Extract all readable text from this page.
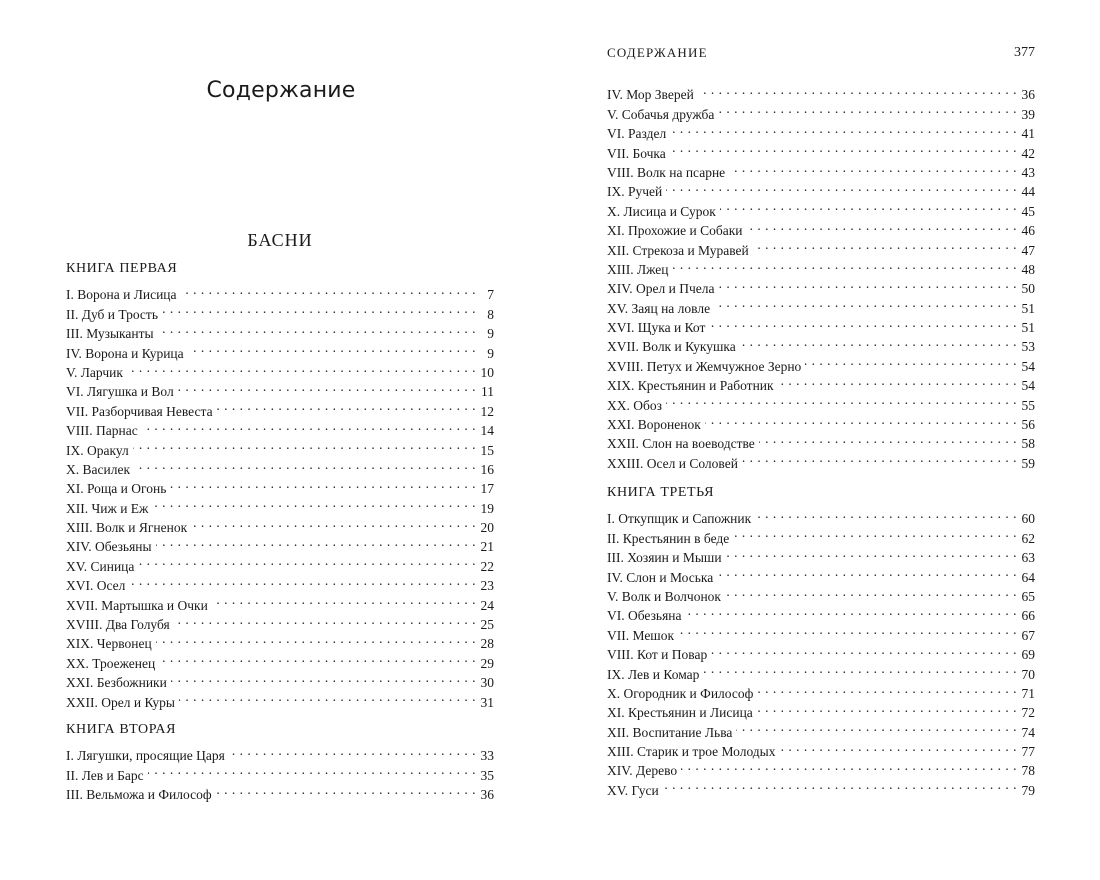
Содержание
БАСНИ
КНИГА ПЕРВАЯ
I. Ворона и Лисица . . .	7
II. Дуб и Трость . . .	8
III. Музыканты . . .	9
IV. Ворона и Курица . . .	9
V. Ларчик . . .	10
VI. Лягушка и Вол . . .	11
VII. Разборчивая Невеста . . .	12
VIII. Парнас . . .	14
IX. Оракул . . .	15
X. Василек . . .	16
XI. Роща и Огонь . . .	17
XII. Чиж и Еж . . .	19
XIII. Волк и Ягненок . . .	20
XIV. Обезьяны . . .	21
XV. Синица . . .	22
XVI. Осел . . .	23
XVII. Мартышка и Очки . . .	24
XVIII. Два Голубя . . .	25
XIX. Червонец . . .	28
XX. Троеженец . . .	29
XXI. Безбожники . . .	30
XXII. Орел и Куры . . .	31
КНИГА ВТОРАЯ
I. Лягушки, просящие Царя . . .	33
II. Лев и Барс . . .	35
III. Вельможа и Философ . . .	36
СОДЕРЖАНИЕ	377
IV. Мор Зверей . . .	36
V. Собачья дружба . . .	39
VI. Раздел . . .	41
VII. Бочка . . .	42
VIII. Волк на псарне . . .	43
IX. Ручей . . .	44
X. Лисица и Сурок . . .	45
XI. Прохожие и Собаки . . .	46
XII. Стрекоза и Муравей . . .	47
XIII. Лжец . . .	48
XIV. Орел и Пчела . . .	50
XV. Заяц на ловле . . .	51
XVI. Щука и Кот . . .	51
XVII. Волк и Кукушка . . .	53
XVIII. Петух и Жемчужное Зерно . . .	54
XIX. Крестьянин и Работник . . .	54
XX. Обоз . . .	55
XXI. Вороненок . . .	56
XXII. Слон на воеводстве . . .	58
XXIII. Осел и Соловей . . .	59
КНИГА ТРЕТЬЯ
I. Откупщик и Сапожник . . .	60
II. Крестьянин в беде . . .	62
III. Хозяин и Мыши . . .	63
IV. Слон и Моська . . .	64
V. Волк и Волчонок . . .	65
VI. Обезьяна . . .	66
VII. Мешок . . .	67
VIII. Кот и Повар . . .	69
IX. Лев и Комар . . .	70
X. Огородник и Философ . . .	71
XI. Крестьянин и Лисица . . .	72
XII. Воспитание Льва . . .	74
XIII. Старик и трое Молодых . . .	77
XIV. Дерево . . .	78
XV. Гуси . . .	79
